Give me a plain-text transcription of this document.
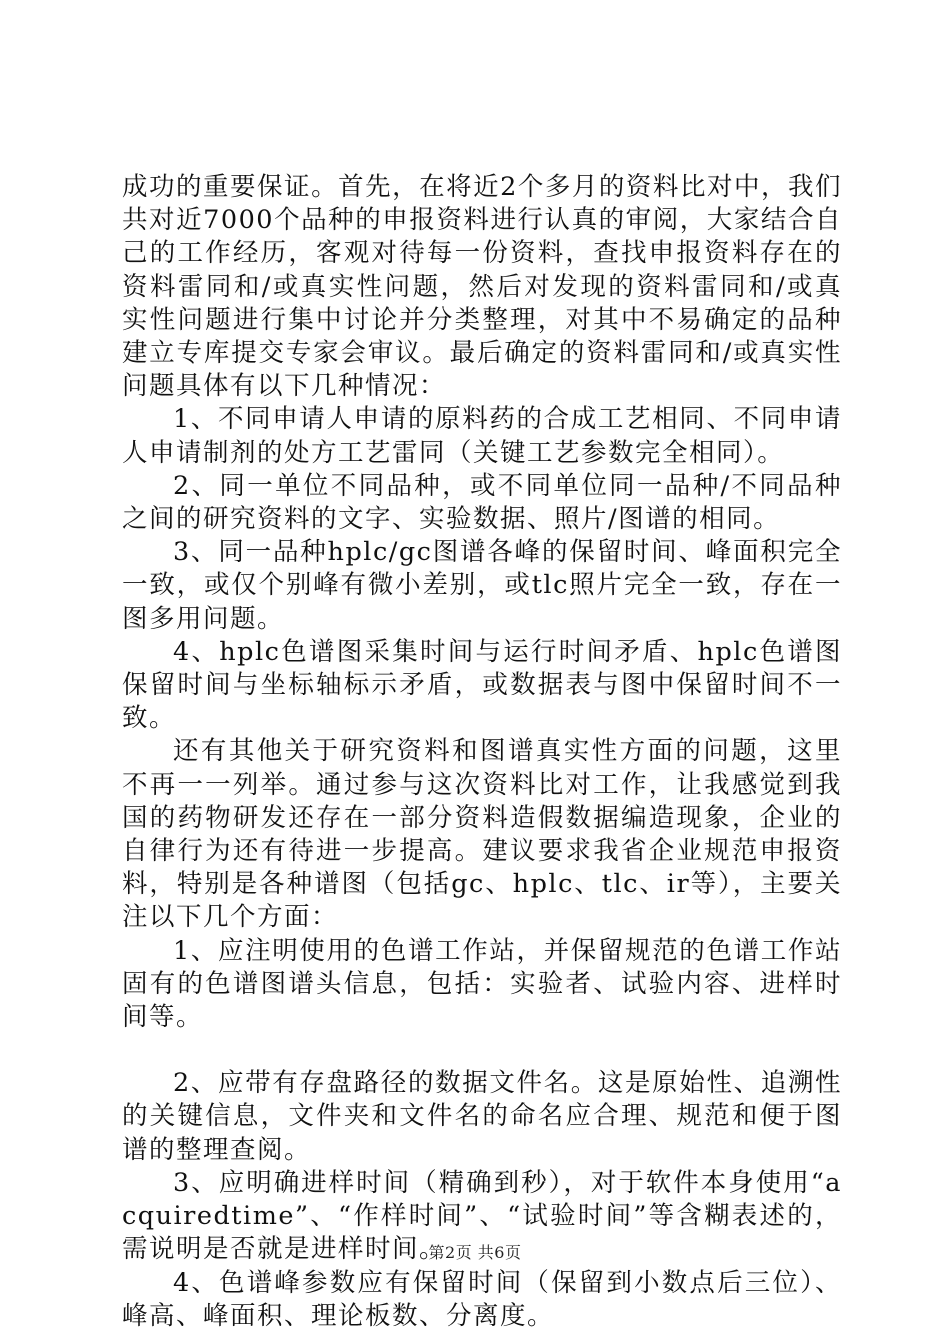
成功的重要保证。首先，在将近2个多月的资料比对中，我们共对近7000个品种的申报资料进行认真的审阅，大家结合自己的工作经历，客观对待每一份资料，查找申报资料存在的资料雷同和/或真实性问题，然后对发现的资料雷同和/或真实性问题进行集中讨论并分类整理，对其中不易确定的品种建立专库提交专家会审议。最后确定的资料雷同和/或真实性问题具体有以下几种情况：

1、不同申请人申请的原料药的合成工艺相同、不同申请人申请制剂的处方工艺雷同（关键工艺参数完全相同）。

2、同一单位不同品种，或不同单位同一品种/不同品种之间的研究资料的文字、实验数据、照片/图谱的相同。

3、同一品种hplc/gc图谱各峰的保留时间、峰面积完全一致，或仅个别峰有微小差别，或tlc照片完全一致，存在一图多用问题。

4、hplc色谱图采集时间与运行时间矛盾、hplc色谱图保留时间与坐标轴标示矛盾，或数据表与图中保留时间不一致。

还有其他关于研究资料和图谱真实性方面的问题，这里不再一一列举。通过参与这次资料比对工作，让我感觉到我国的药物研发还存在一部分资料造假数据编造现象，企业的自律行为还有待进一步提高。建议要求我省企业规范申报资料，特别是各种谱图（包括gc、hplc、tlc、ir等），主要关注以下几个方面：

1、应注明使用的色谱工作站，并保留规范的色谱工作站固有的色谱图谱头信息，包括：实验者、试验内容、进样时间等。

2、应带有存盘路径的数据文件名。这是原始性、追溯性的关键信息，文件夹和文件名的命名应合理、规范和便于图谱的整理查阅。

3、应明确进样时间（精确到秒），对于软件本身使用“acquiredtime”、“作样时间”、“试验时间”等含糊表述的，需说明是否就是进样时间。

4、色谱峰参数应有保留时间（保留到小数点后三位）、峰高、峰面积、理论板数、分离度。

第2页 共6页
